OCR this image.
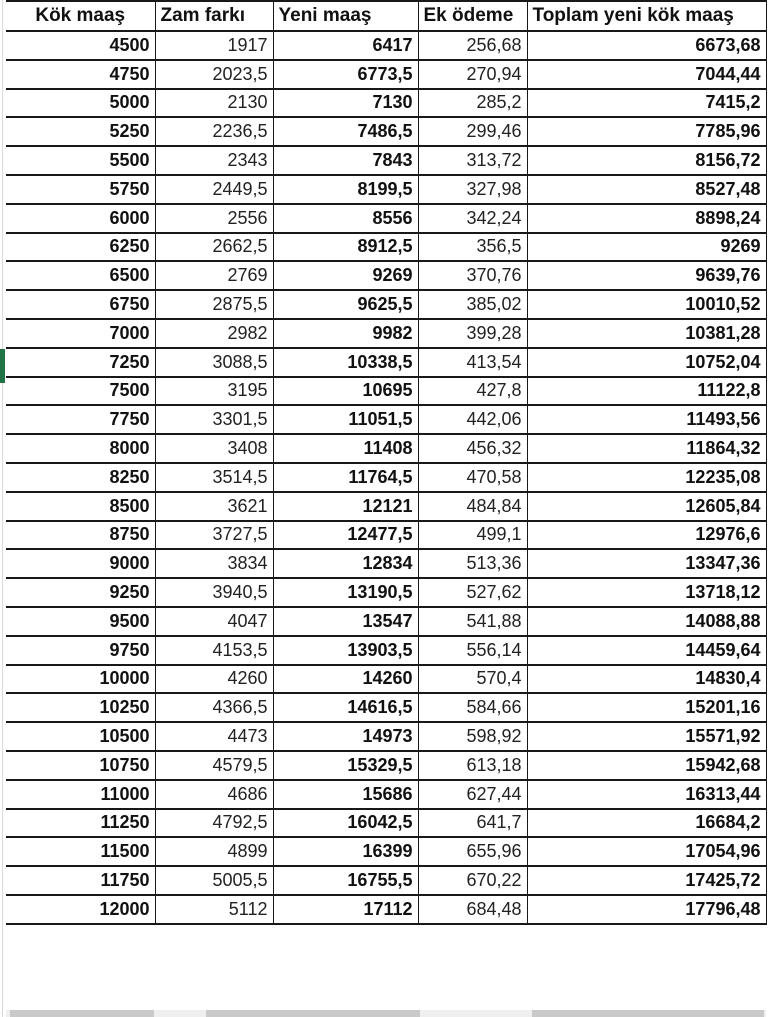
Kök maaş	Zam farkı	Yeni maaş	Ek ödeme	Toplam yeni kök maaş
4500	1917	6417	256,68	6673,68
4750	2023,5	6773,5	270,94	7044,44
5000	2130	7130	285,2	7415,2
5250	2236,5	7486,5	299,46	7785,96
5500	2343	7843	313,72	8156,72
5750	2449,5	8199,5	327,98	8527,48
6000	2556	8556	342,24	8898,24
6250	2662,5	8912,5	356,5	9269
6500	2769	9269	370,76	9639,76
6750	2875,5	9625,5	385,02	10010,52
7000	2982	9982	399,28	10381,28
7250	3088,5	10338,5	413,54	10752,04
7500	3195	10695	427,8	11122,8
7750	3301,5	11051,5	442,06	11493,56
8000	3408	11408	456,32	11864,32
8250	3514,5	11764,5	470,58	12235,08
8500	3621	12121	484,84	12605,84
8750	3727,5	12477,5	499,1	12976,6
9000	3834	12834	513,36	13347,36
9250	3940,5	13190,5	527,62	13718,12
9500	4047	13547	541,88	14088,88
9750	4153,5	13903,5	556,14	14459,64
10000	4260	14260	570,4	14830,4
10250	4366,5	14616,5	584,66	15201,16
10500	4473	14973	598,92	15571,92
10750	4579,5	15329,5	613,18	15942,68
11000	4686	15686	627,44	16313,44
11250	4792,5	16042,5	641,7	16684,2
11500	4899	16399	655,96	17054,96
11750	5005,5	16755,5	670,22	17425,72
12000	5112	17112	684,48	17796,48
